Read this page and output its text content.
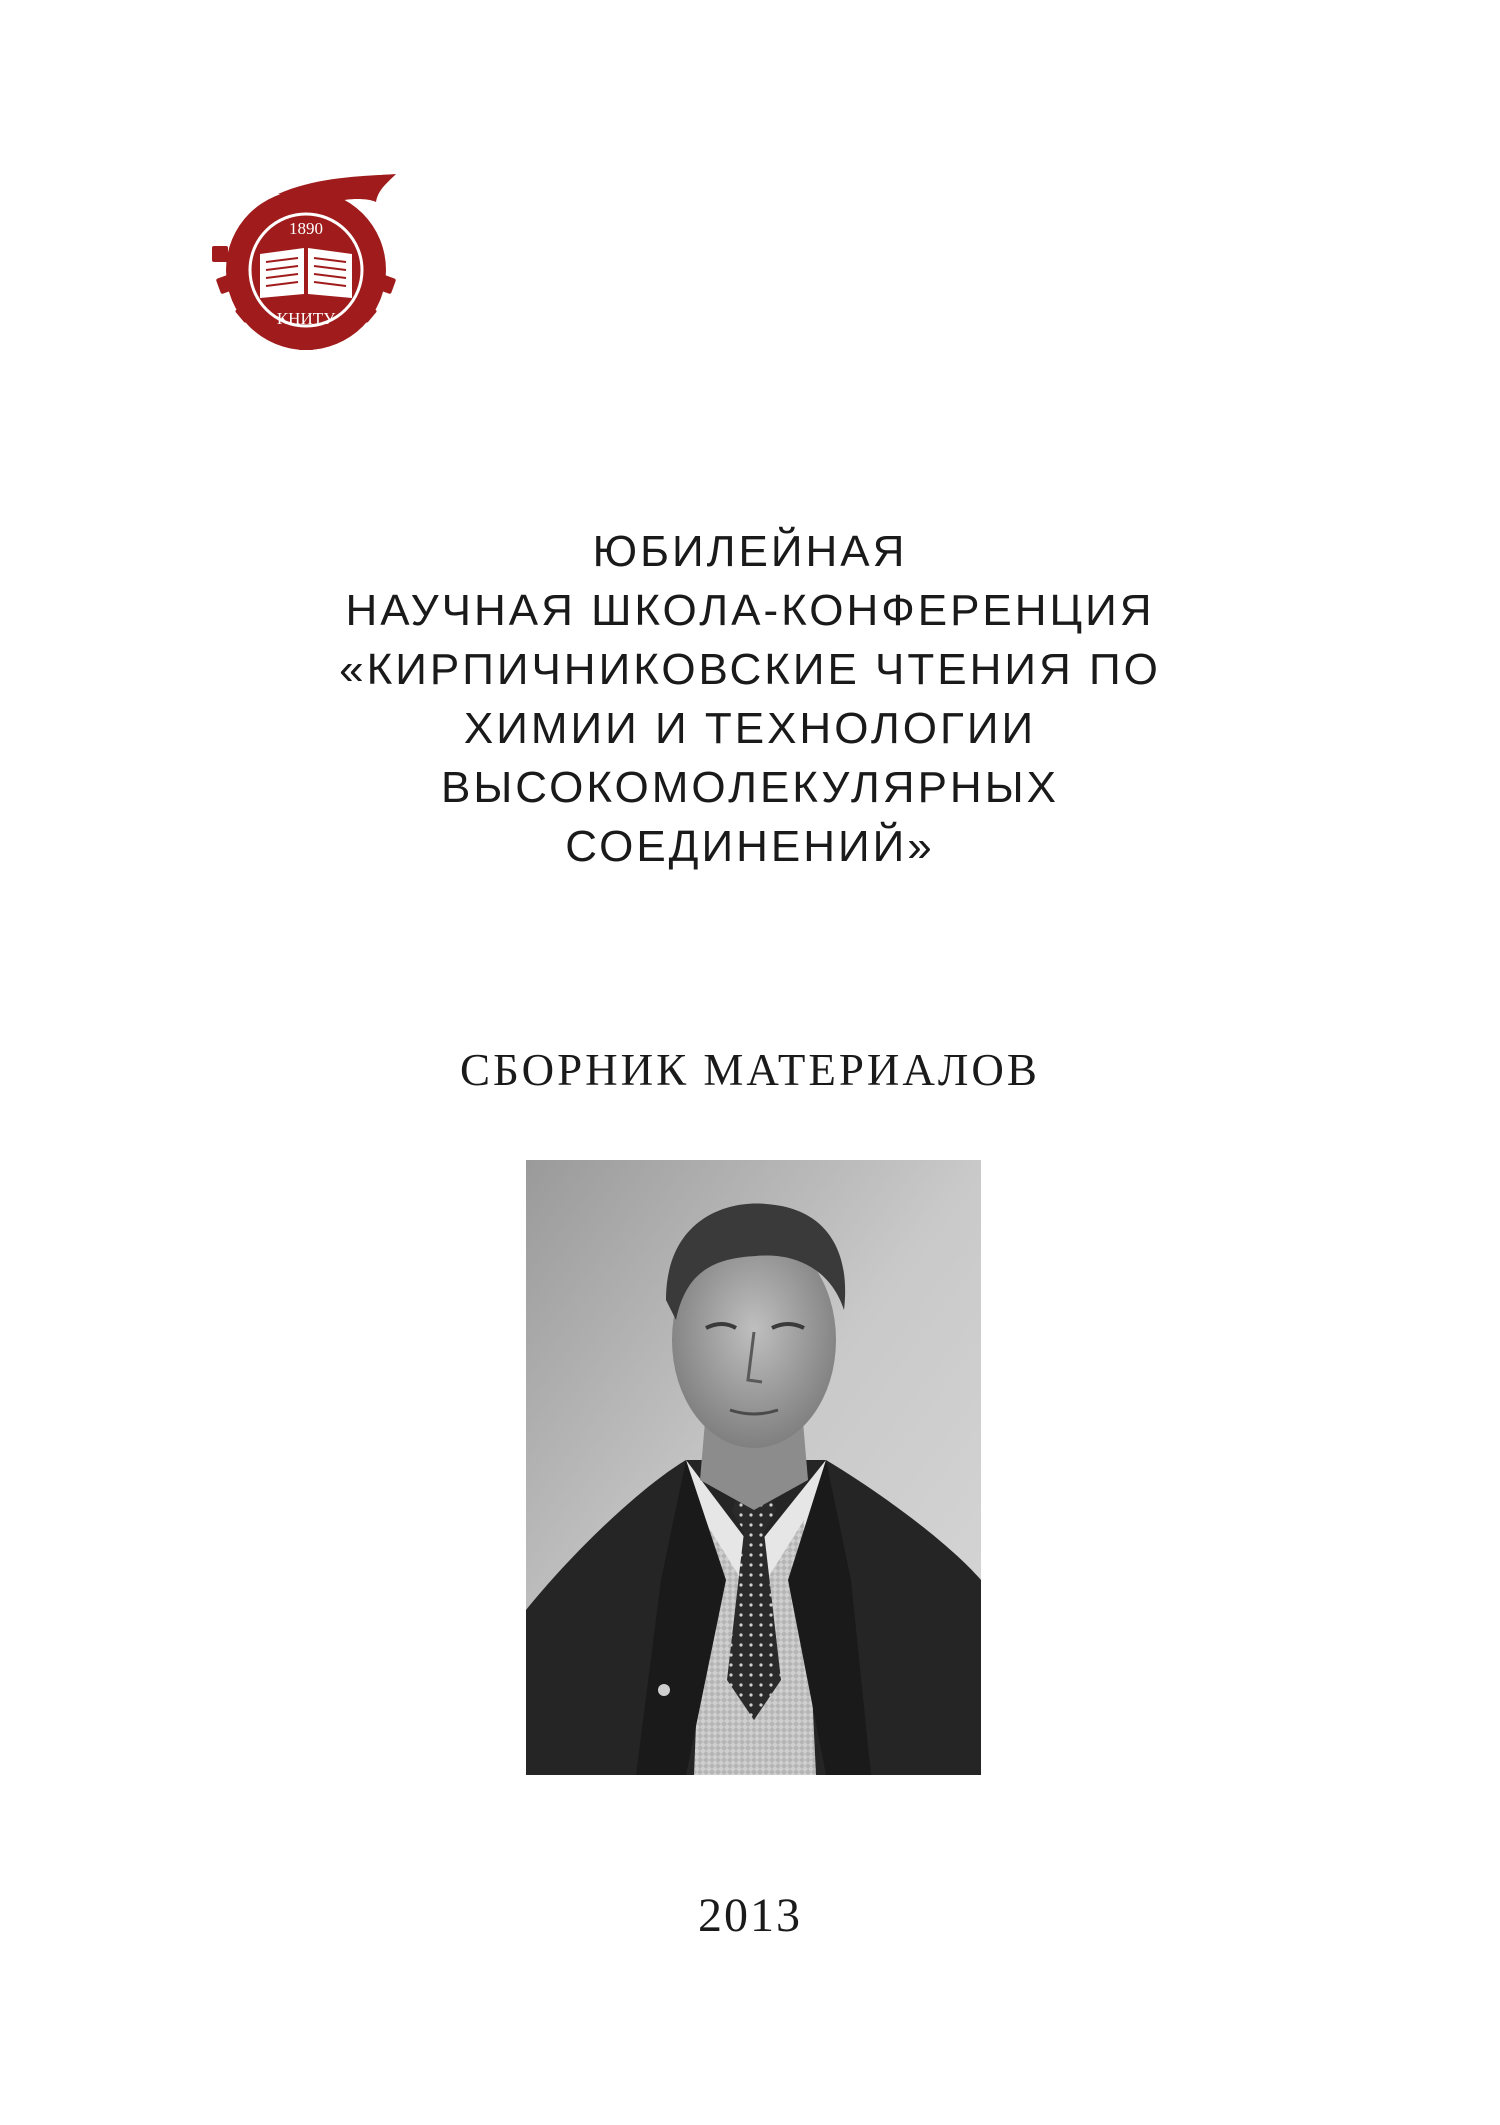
1890
КНИТУ
ЮБИЛЕЙНАЯ
НАУЧНАЯ ШКОЛА-КОНФЕРЕНЦИЯ
«КИРПИЧНИКОВСКИЕ ЧТЕНИЯ ПО
ХИМИИ И ТЕХНОЛОГИИ
ВЫСОКОМОЛЕКУЛЯРНЫХ
СОЕДИНЕНИЙ»
СБОРНИК МАТЕРИАЛОВ
2013
